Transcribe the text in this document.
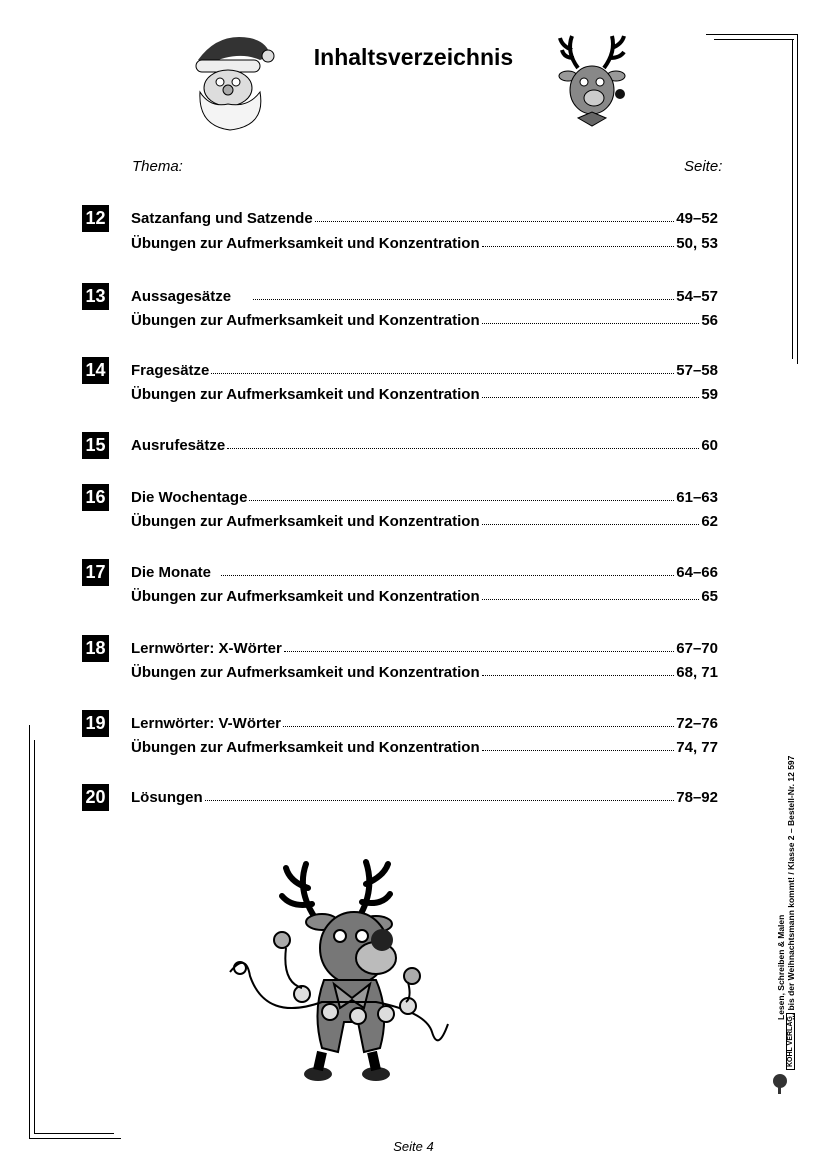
Inhaltsverzeichnis
Thema:	Seite:
12 Satzanfang und Satzende	49–52
Übungen zur Aufmerksamkeit und Konzentration	50, 53
13 Aussagesätze	54–57
Übungen zur Aufmerksamkeit und Konzentration	56
14 Fragesätze	57–58
Übungen zur Aufmerksamkeit und Konzentration	59
15 Ausrufesätze	60
16 Die Wochentage	61–63
Übungen zur Aufmerksamkeit und Konzentration	62
17 Die Monate	64–66
Übungen zur Aufmerksamkeit und Konzentration	65
18 Lernwörter: X-Wörter	67–70
Übungen zur Aufmerksamkeit und Konzentration	68, 71
19 Lernwörter: V-Wörter	72–76
Übungen zur Aufmerksamkeit und Konzentration	74, 77
20 Lösungen	78–92
Lesen, Schreiben & Malen ... bis der Weihnachtsmann kommt! / Klasse 2 – Bestell-Nr. 12 597
KOHL VERLAG
Seite 4
